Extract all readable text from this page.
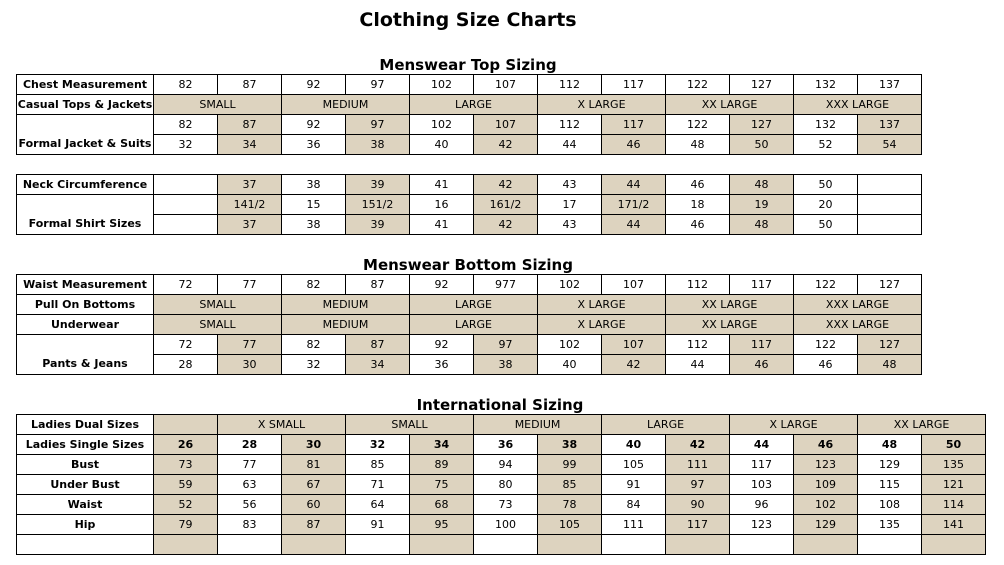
Clothing Size Charts
Menswear Top Sizing
Chest Measurement	82	87	92	97	102	107	112	117	122	127	132	137
Casual Tops & Jackets	SMALL		MEDIUM		LARGE		X LARGE		XX LARGE		XXX LARGE	
	82	87	92	97	102	107	112	117	122	127	132	137
Formal Jacket & Suits	32	34	36	38	40	42	44	46	48	50	52	54
Neck Circumference		37	38	39	41	42	43	44	46	48	50	
		141/2	15	151/2	16	161/2	17	171/2	18	19	20	
Formal Shirt Sizes		37	38	39	41	42	43	44	46	48	50	
Menswear Bottom Sizing
Waist Measurement	72	77	82	87	92	977	102	107	112	117	122	127
Pull On Bottoms	SMALL		MEDIUM		LARGE		X LARGE		XX LARGE		XXX LARGE	
Underwear	SMALL		MEDIUM		LARGE		X LARGE		XX LARGE		XXX LARGE	
	72	77	82	87	92	97	102	107	112	117	122	127
Pants & Jeans	28	30	32	34	36	38	40	42	44	46	46	48
International Sizing
Ladies Dual Sizes		X SMALL		SMALL		MEDIUM		LARGE		X LARGE		XX LARGE	
Ladies Single Sizes	26	28	30	32	34	36	38	40	42	44	46	48	50
Bust	73	77	81	85	89	94	99	105	111	117	123	129	135
Under Bust	59	63	67	71	75	80	85	91	97	103	109	115	121
Waist	52	56	60	64	68	73	78	84	90	96	102	108	114
Hip	79	83	87	91	95	100	105	111	117	123	129	135	141
